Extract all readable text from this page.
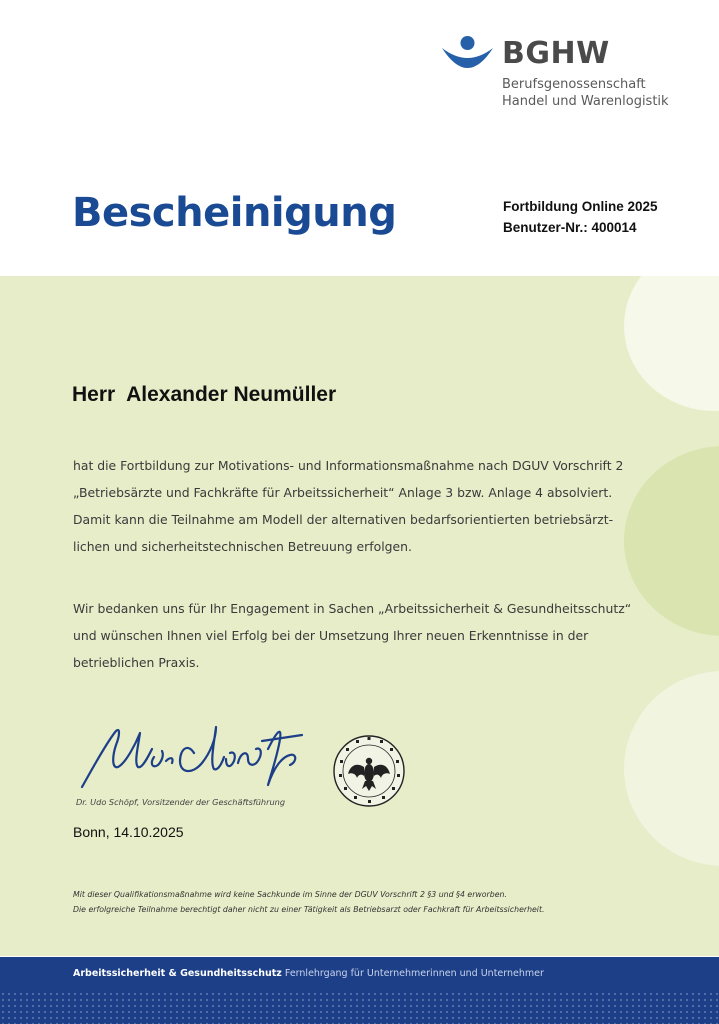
BGHW
Berufsgenossenschaft
Handel und Warenlogistik
Bescheinigung	Fortbildung Online 2025
Benutzer-Nr.: 400014
Herr  Alexander Neumüller
hat die Fortbildung zur Motivations- und Informationsmaßnahme nach DGUV Vorschrift 2
„Betriebsärzte und Fachkräfte für Arbeitssicherheit“ Anlage 3 bzw. Anlage 4 absolviert.
Damit kann die Teilnahme am Modell der alternativen bedarfsorientierten betriebsärzt-
lichen und sicherheitstechnischen Betreuung erfolgen.
Wir bedanken uns für Ihr Engagement in Sachen „Arbeitssicherheit & Gesundheitsschutz“
und wünschen Ihnen viel Erfolg bei der Umsetzung Ihrer neuen Erkenntnisse in der
betrieblichen Praxis.
Dr. Udo Schöpf, Vorsitzender der Geschäftsführung
Bonn, 14.10.2025
Mit dieser Qualifikationsmaßnahme wird keine Sachkunde im Sinne der DGUV Vorschrift 2 §3 und §4 erworben.
Die erfolgreiche Teilnahme berechtigt daher nicht zu einer Tätigkeit als Betriebsarzt oder Fachkraft für Arbeitssicherheit.
Arbeitssicherheit & Gesundheitsschutz Fernlehrgang für Unternehmerinnen und Unternehmer
